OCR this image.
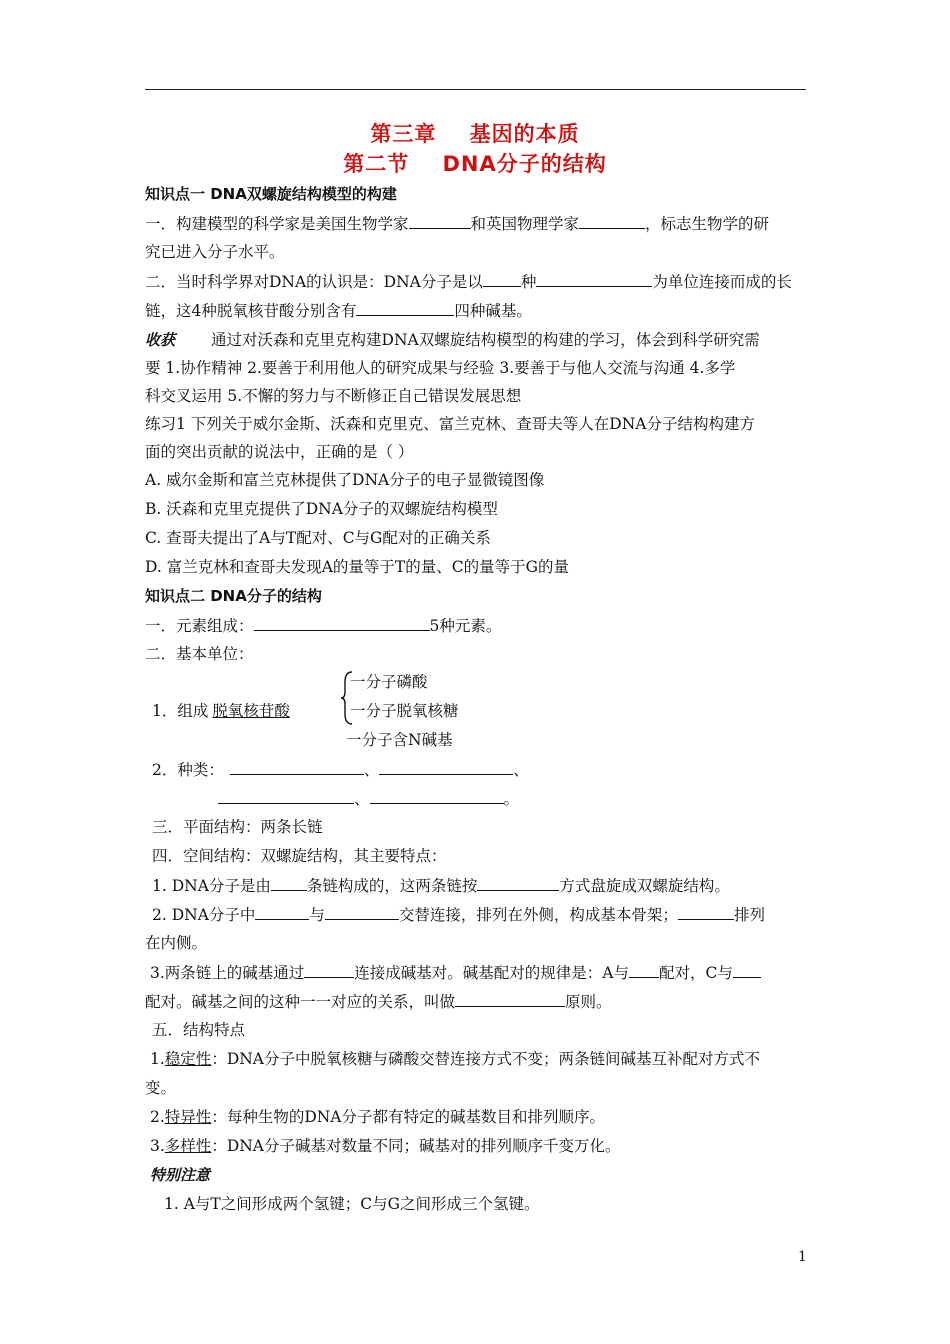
第三章    基因的本质
第二节    DNA分子的结构
知识点一 DNA双螺旋结构模型的构建
一．构建模型的科学家是美国生物学家	和英国物理学家	，标志生物学的研
究已进入分子水平。
二．当时科学界对DNA的认识是：DNA分子是以 种	为单位连接而成的长
链，这4种脱氧核苷酸分别含有	四种碱基。
收获 通过对沃森和克里克构建DNA双螺旋结构模型的构建的学习，体会到科学研究需
要 1.协作精神 2.要善于利用他人的研究成果与经验 3.要善于与他人交流与沟通 4.多学
科交叉运用 5.不懈的努力与不断修正自己错误发展思想
练习1 下列关于威尔金斯、沃森和克里克、富兰克林、查哥夫等人在DNA分子结构构建方
面的突出贡献的说法中，正确的是（ ）
A. 威尔金斯和富兰克林提供了DNA分子的电子显微镜图像
B. 沃森和克里克提供了DNA分子的双螺旋结构模型
C. 查哥夫提出了A与T配对、C与G配对的正确关系
D. 富兰克林和查哥夫发现A的量等于T的量、C的量等于G的量
知识点二 DNA分子的结构
一．元素组成：	5种元素。
二．基本单位：
一分子磷酸
一分子脱氧核糖
一分子含N碱基
1．组成 脱氧核苷酸
2．种类：	、	、
、	。
三．平面结构：两条长链
四．空间结构：双螺旋结构，其主要特点：
1. DNA分子是由 条链构成的，这两条链按	方式盘旋成双螺旋结构。
2. DNA分子中	与	交替连接，排列在外侧，构成基本骨架；	排列
在内侧。
3.两条链上的碱基通过	连接成碱基对。碱基配对的规律是：A与 配对，C与
配对。碱基之间的这种一一对应的关系，叫做	原则。
五．结构特点
1.稳定性：DNA分子中脱氧核糖与磷酸交替连接方式不变；两条链间碱基互补配对方式不
变。
2.特异性：每种生物的DNA分子都有特定的碱基数目和排列顺序。
3.多样性：DNA分子碱基对数量不同；碱基对的排列顺序千变万化。
特别注意
1. A与T之间形成两个氢键；C与G之间形成三个氢键。
1
